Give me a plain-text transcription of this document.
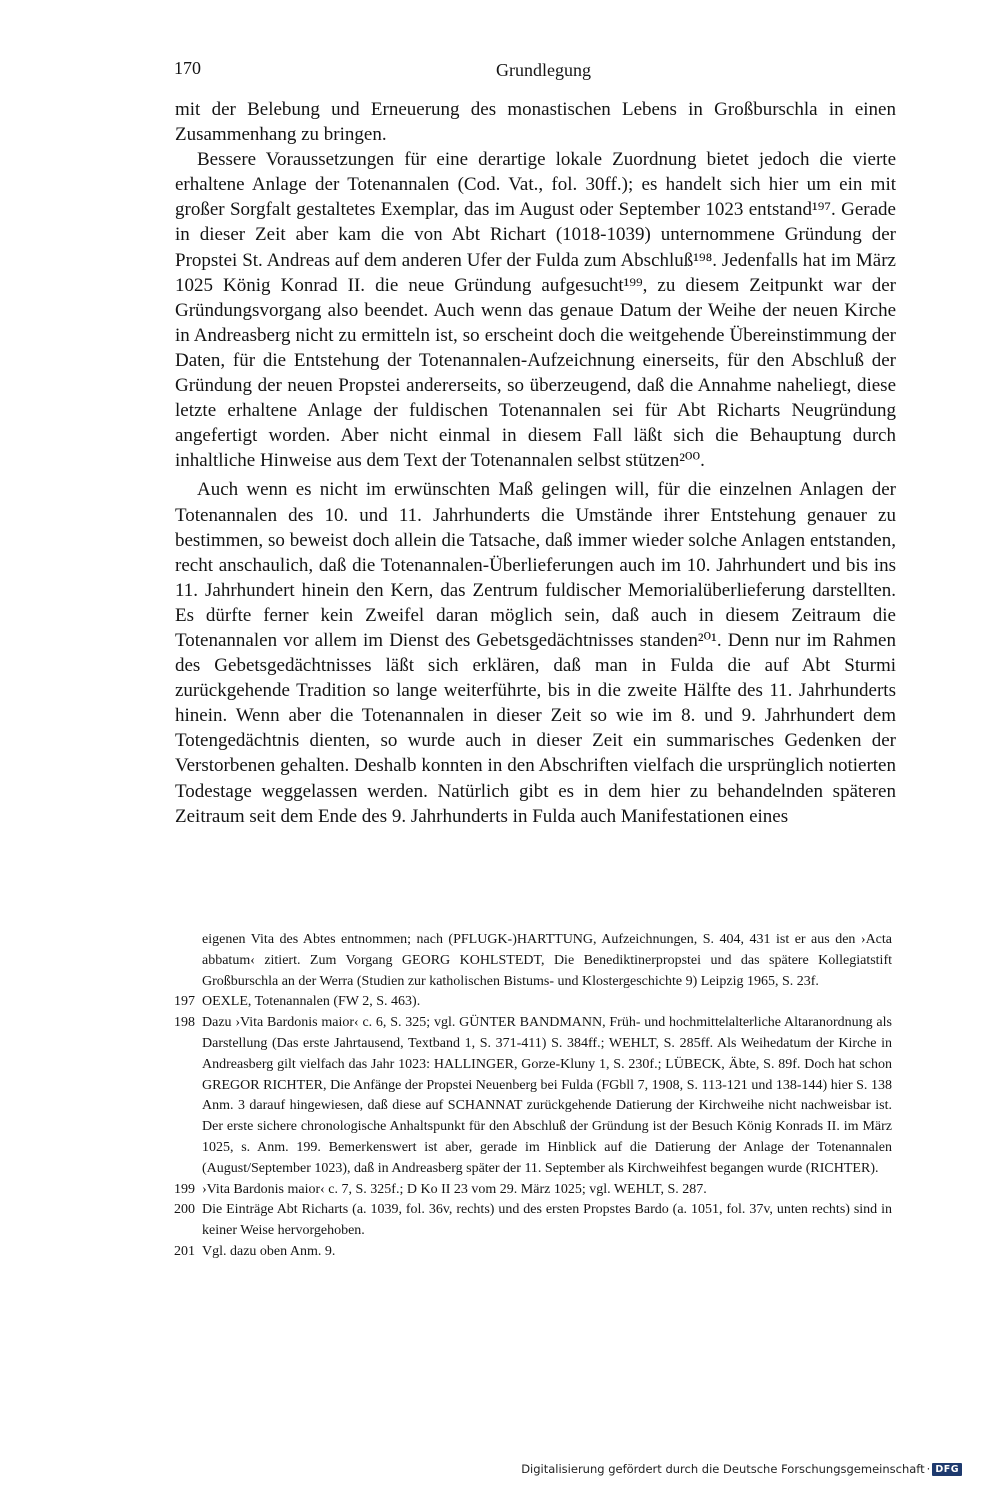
170	Grundlegung

mit der Belebung und Erneuerung des monastischen Lebens in Großburschla in einen Zusammenhang zu bringen.

Bessere Voraussetzungen für eine derartige lokale Zuordnung bietet jedoch die vierte erhaltene Anlage der Totenannalen (Cod. Vat., fol. 30ff.); es handelt sich hier um ein mit großer Sorgfalt gestaltetes Exemplar, das im August oder September 1023 entstand¹⁹⁷. Gerade in dieser Zeit aber kam die von Abt Richart (1018-1039) unternommene Gründung der Propstei St. Andreas auf dem anderen Ufer der Fulda zum Abschluß¹⁹⁸. Jedenfalls hat im März 1025 König Konrad II. die neue Gründung aufgesucht¹⁹⁹, zu diesem Zeitpunkt war der Gründungsvorgang also beendet. Auch wenn das genaue Datum der Weihe der neuen Kirche in Andreasberg nicht zu ermitteln ist, so erscheint doch die weitgehende Übereinstimmung der Daten, für die Entstehung der Totenannalen-Aufzeichnung einerseits, für den Abschluß der Gründung der neuen Propstei andererseits, so überzeugend, daß die Annahme naheliegt, diese letzte erhaltene Anlage der fuldischen Totenannalen sei für Abt Richarts Neugründung angefertigt worden. Aber nicht einmal in diesem Fall läßt sich die Behauptung durch inhaltliche Hinweise aus dem Text der Totenannalen selbst stützen²⁰⁰.

Auch wenn es nicht im erwünschten Maß gelingen will, für die einzelnen Anlagen der Totenannalen des 10. und 11. Jahrhunderts die Umstände ihrer Entstehung genauer zu bestimmen, so beweist doch allein die Tatsache, daß immer wieder solche Anlagen entstanden, recht anschaulich, daß die Totenannalen-Überlieferungen auch im 10. Jahrhundert und bis ins 11. Jahrhundert hinein den Kern, das Zentrum fuldischer Memorialüberlieferung darstellten. Es dürfte ferner kein Zweifel daran möglich sein, daß auch in diesem Zeitraum die Totenannalen vor allem im Dienst des Gebetsgedächtnisses standen²⁰¹. Denn nur im Rahmen des Gebetsgedächtnisses läßt sich erklären, daß man in Fulda die auf Abt Sturmi zurückgehende Tradition so lange weiterführte, bis in die zweite Hälfte des 11. Jahrhunderts hinein. Wenn aber die Totenannalen in dieser Zeit so wie im 8. und 9. Jahrhundert dem Totengedächtnis dienten, so wurde auch in dieser Zeit ein summarisches Gedenken der Verstorbenen gehalten. Deshalb konnten in den Abschriften vielfach die ursprünglich notierten Todestage weggelassen werden. Natürlich gibt es in dem hier zu behandelnden späteren Zeitraum seit dem Ende des 9. Jahrhunderts in Fulda auch Manifestationen eines

eigenen Vita des Abtes entnommen; nach (PFLUGK-)HARTTUNG, Aufzeichnungen, S. 404, 431 ist er aus den ›Acta abbatum‹ zitiert. Zum Vorgang GEORG KOHLSTEDT, Die Benediktinerpropstei und das spätere Kollegiatstift Großburschla an der Werra (Studien zur katholischen Bistums- und Klostergeschichte 9) Leipzig 1965, S. 23f.
197 OEXLE, Totenannalen (FW 2, S. 463).
198 Dazu ›Vita Bardonis maior‹ c. 6, S. 325; vgl. GÜNTER BANDMANN, Früh- und hochmittelalterliche Altaranordnung als Darstellung (Das erste Jahrtausend, Textband 1, S. 371-411) S. 384ff.; WEHLT, S. 285ff. Als Weihedatum der Kirche in Andreasberg gilt vielfach das Jahr 1023: HALLINGER, Gorze-Kluny 1, S. 230f.; LÜBECK, Äbte, S. 89f. Doch hat schon GREGOR RICHTER, Die Anfänge der Propstei Neuenberg bei Fulda (FGbll 7, 1908, S. 113-121 und 138-144) hier S. 138 Anm. 3 darauf hingewiesen, daß diese auf SCHANNAT zurückgehende Datierung der Kirchweihe nicht nachweisbar ist. Der erste sichere chronologische Anhaltspunkt für den Abschluß der Gründung ist der Besuch König Konrads II. im März 1025, s. Anm. 199. Bemerkenswert ist aber, gerade im Hinblick auf die Datierung der Anlage der Totenannalen (August/September 1023), daß in Andreasberg später der 11. September als Kirchweihfest begangen wurde (RICHTER).
199 ›Vita Bardonis maior‹ c. 7, S. 325f.; D Ko II 23 vom 29. März 1025; vgl. WEHLT, S. 287.
200 Die Einträge Abt Richarts (a. 1039, fol. 36v, rechts) und des ersten Propstes Bardo (a. 1051, fol. 37v, unten rechts) sind in keiner Weise hervorgehoben.
201 Vgl. dazu oben Anm. 9.
Digitalisierung gefördert durch die Deutsche Forschungsgemeinschaft · DFG
